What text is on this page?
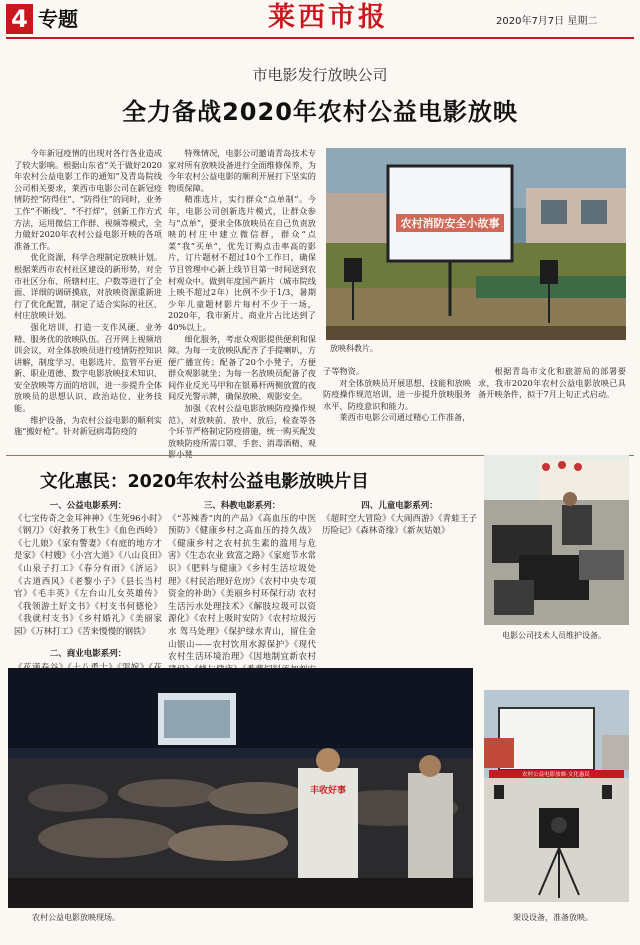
4 专题	莱西市报	2020年7月7日 星期二
市电影发行放映公司
全力备战2020年农村公益电影放映

今年新冠疫情的出现对各行各业造成了较大影响。根据山东省“关于做好2020年农村公益电影工作的通知”及青岛院线公司相关要求，莱西市电影公司在新冠疫情防控“防得住”、“防得住”的同时，业务工作“不断线”、“不打烊”，创新工作方式方法，运用微信工作群、视频等模式，全力做好2020年农村公益电影开映的各项准备工作。

优化资源，科学合理制定放映计划。根据莱西市农村社区建设的新形势，对全市社区分布、所辖村庄、户数等进行了全面、详细的调研摸底，对放映资源重新进行了优化配置，制定了适合实际的社区、村庄放映计划。

强化培训，打造一支作风硬、业务精、服务优的放映队伍。召开网上视频培训会议，对全体放映员进行疫情防控知识讲解，制度学习、电影选片、监管平台更新、职业道德、数字电影放映技术知识、安全放映等方面的培训，进一步提升全体放映员的思想认识、政治站位、业务技能。

维护设备，为农村公益电影的顺利实施“搬好枪”。针对新冠病毒防疫的

特殊情况，电影公司邀请青岛技术专家对所有放映设备进行全面维修保养，为今年农村公益电影的顺利开展打下坚实的物质保障。

精准选片，实行群众“点单制”。今年，电影公司创新选片模式，让群众参与“点单”，要求全体放映员在自己负责放映的村庄中建立微信群，群众“点菜”我“买单”，优先订购点击率高的影片，订片题材不超过10个工作日，确保节目管理中心新上线节目第一时间送到农村观众中。做到年度国产新片（城市院线上映不超过2年）比例不少于1/3，暑期少年儿童题材影片每村不少于一场，2020年，我市新片、商业片占比达到了40%以上。

细化服务，考虑众观影提供便利和保障。为每一支放映队配齐了手提喇叭，方便广播宣传；配备了20个小凳子，方便群众观影就坐；为每一名放映员配备了夜间作业反光马甲和在银幕杆两侧放置的夜间反光警示牌，确保放映、观影安全。

加强《农村公益电影放映防疫操作规范》，对放映前、放中、放后，检查等各个环节严格制定防疫措施，统一购买配发放映防疫所需口罩、手套、消毒酒精、观

子等物资。

对全体放映员开展思想、技能和放映防疫操作规范培训，进一步提升放映服务水平、防疫意识和能力。

莱西市电影公司通过精心工作准备，

根据青岛市文化和旅游局的部署要求，我市2020年农村公益电影放映已具备开映条件，拟于7月上旬正式启动。

农村消防安全小故事
放映科教片。
文化惠民：2020年农村公益电影放映片目
一、公益电影系列：
《七宝传奇之金耳神神》《生死96小时》《钢刀》《好救务丁秋生》《血色西岭》《七儿娘》《家有警妻》《有庭的地方才是家》《村嫂》《小宫大道》《八山良田》《山泉子打工》《春分有雨》《济运》《古道西风》《老黎小子》《县长当村官》《毛丰英》《左台山儿女英雄传》《我领游土好文书》《村支书何德伦》《我就村支书》《乡村婚礼》《美丽家园》《万林打工》《苦来慢慢的钢铁》
二、商业电影系列：
三、科教电影系列：
《“苏辣香”肉的产品》《高血压的中医预防》《健康乡村之高血压的持久战》《健康乡村之农村抗生素的滥用与危害》《生态农业 致富之路》《家庭节水常识》《肥料与健康》《乡村生活垃圾处理》《村民治理好危房》《农村中央专项资金的补助》《美丽乡村环保行动 农村生活污水处理技术》《解肢垃圾可以资源化》《农村上吸时安防》《农村垃圾污水 驾马处理》《保护绿水青山，留住金山银山——农村饮用水源保护》《现代农村生活环境治理》《因地制宜新农村
四、儿童电影系列：
《超时空大冒险》《大闹西游》《青蛙王子历险记》《森林奇缘》《新灰姑娘》
电影公司技术人员维护设备。
丰收好事
农村公益电影放映现场。
农村公益电影放映·文化惠民
架设设备，准备放映。
